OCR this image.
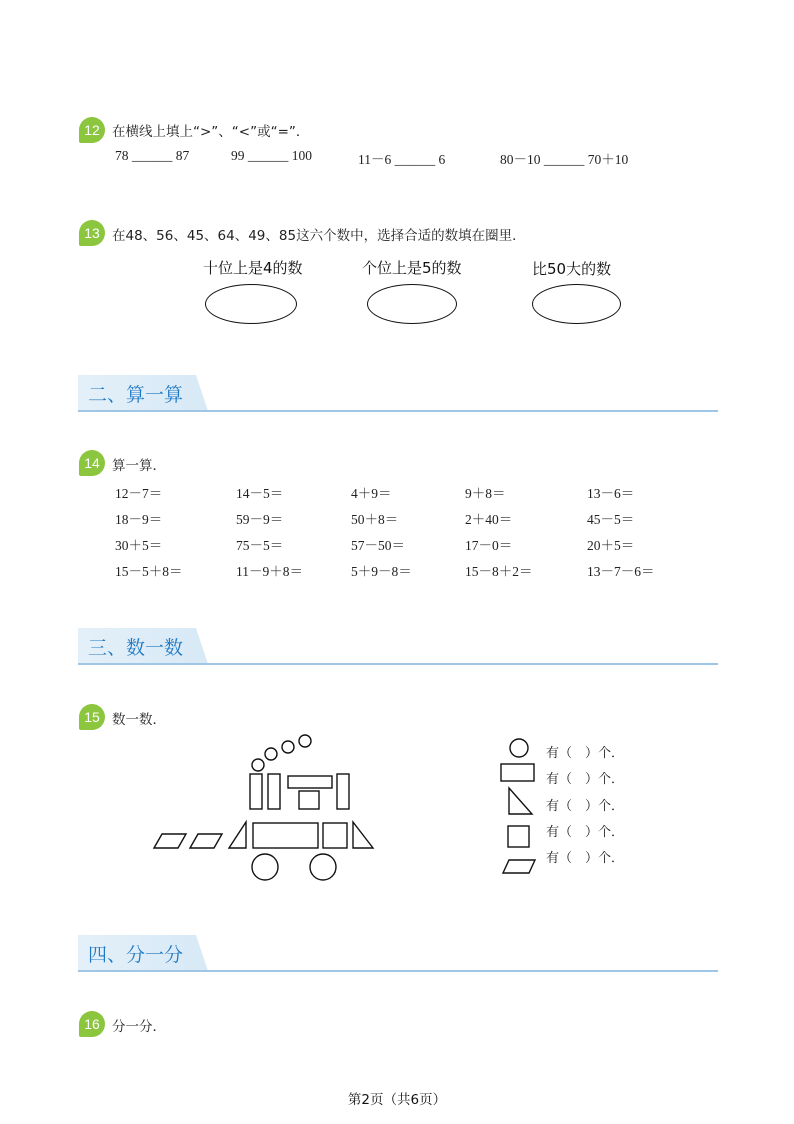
12 在横线上填上“>”、“<”或“=”．
78 ______ 87	99 ______ 100	11－6 ______ 6	80－10 ______ 70＋10
13 在48、56、45、64、49、85这六个数中，选择合适的数填在圈里．
十位上是4的数	个位上是5的数	比50大的数
二、算一算
14 算一算．
12－7＝	14－5＝	4＋9＝	9＋8＝	13－6＝
18－9＝	59－9＝	50＋8＝	2＋40＝	45－5＝
30＋5＝	75－5＝	57－50＝	17－0＝	20＋5＝
15－5＋8＝	11－9＋8＝	5＋9－8＝	15－8＋2＝	13－7－6＝
三、数一数
15 数一数．
有（　）个．
有（　）个．
有（　）个．
有（　）个．
有（　）个．
四、分一分
16 分一分．
第2页（共6页）
